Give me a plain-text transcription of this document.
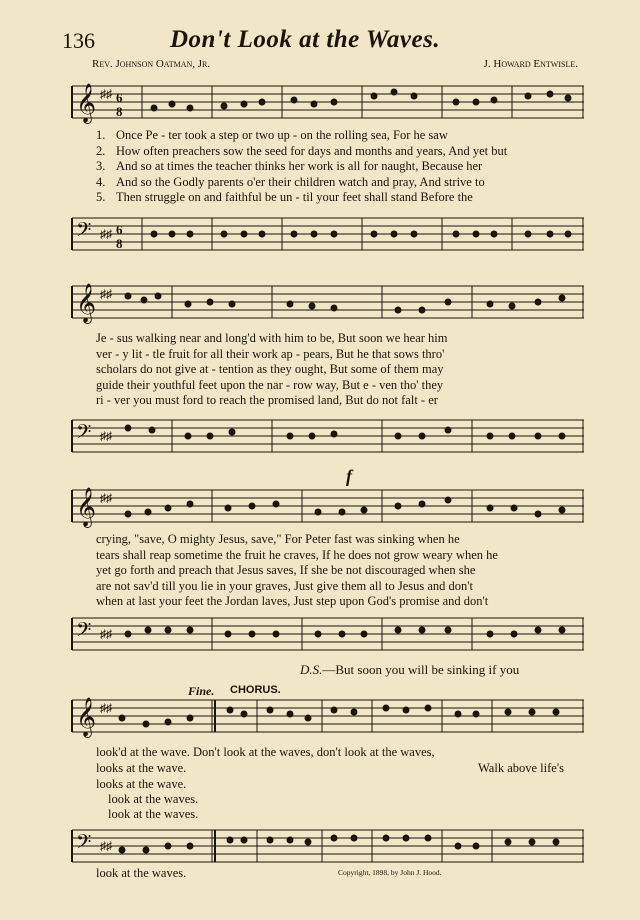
136	Don't Look at the Waves.
Rev. Johnson Oatman, Jr.	J. Howard Entwisle.
𝄞 ♯♯ 6
8
1. Once Pe - ter took a step or two up - on the rolling sea, For he saw
2. How often preachers sow the seed for days and months and years, And yet but
3. And so at times the teacher thinks her work is all for naught, Because her
4. And so the Godly parents o'er their children watch and pray, And strive to
5. Then struggle on and faithful be un - til your feet shall stand Before the
𝄢 ♯♯ 6
8
𝄞 ♯♯
Je - sus walking near and long'd with him to be, But soon we hear him
ver - y lit - tle fruit for all their work ap - pears, But he that sows thro'
scholars do not give at - tention as they ought, But some of them may
guide their youthful feet upon the nar - row way, But e - ven tho' they
ri - ver you must ford to reach the promised land, But do not falt - er
𝄢 ♯♯
f
𝄞 ♯♯
crying, "save, O mighty Jesus, save," For Peter fast was sinking when he
tears shall reap sometime the fruit he craves, If he does not grow weary when he
yet go forth and preach that Jesus saves, If she be not discouraged when she
are not sav'd till you lie in your graves, Just give them all to Jesus and don't
when at last your feet the Jordan laves, Just step upon God's promise and don't
𝄢 ♯♯
D.S.—But soon you will be sinking if you
Fine. CHORUS.
𝄞 ♯♯
look'd at the wave. Don't look at the waves, don't look at the waves,
looks at the wave.	Walk above life's
looks at the wave.
look at the waves.
look at the waves.
𝄢 ♯♯
look at the waves.	Copyright, 1898, by John J. Hood.
